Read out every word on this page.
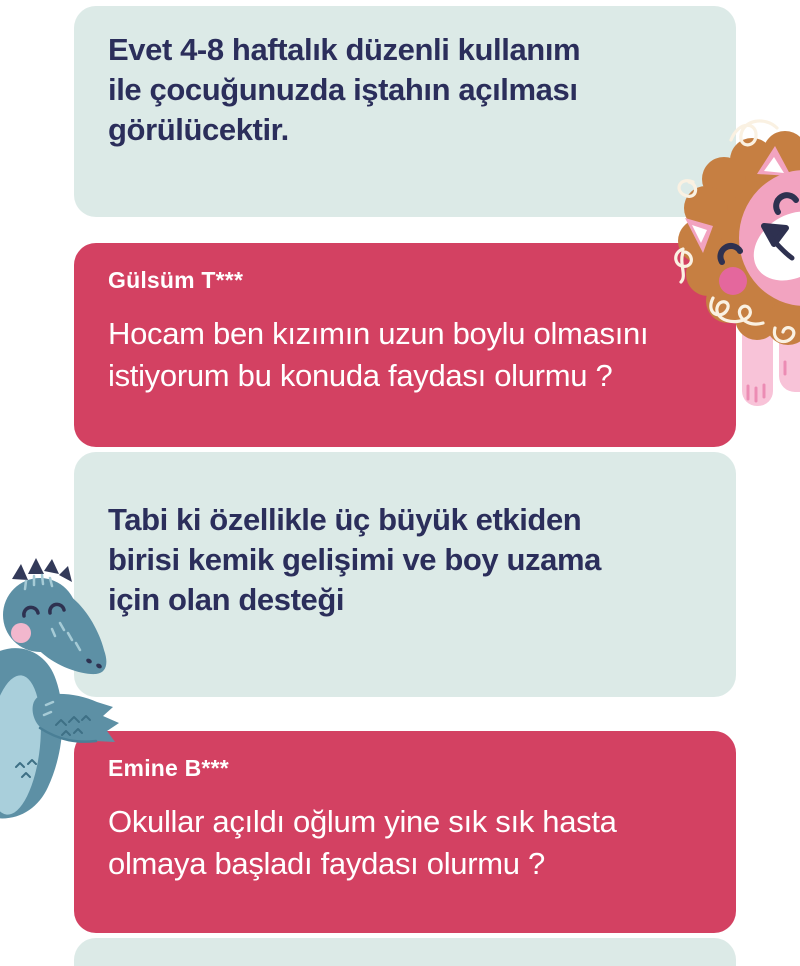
Evet 4-8 haftalık düzenli kullanım
ile çocuğunuzda iştahın açılması
görülücektir.
Gülsüm T***
Hocam ben kızımın uzun boylu olmasını
istiyorum bu konuda faydası olurmu ?
Tabi ki özellikle üç büyük etkiden
birisi kemik gelişimi ve boy uzama
için olan desteği
Emine B***
Okullar açıldı oğlum yine sık sık hasta
olmaya başladı faydası olurmu ?
